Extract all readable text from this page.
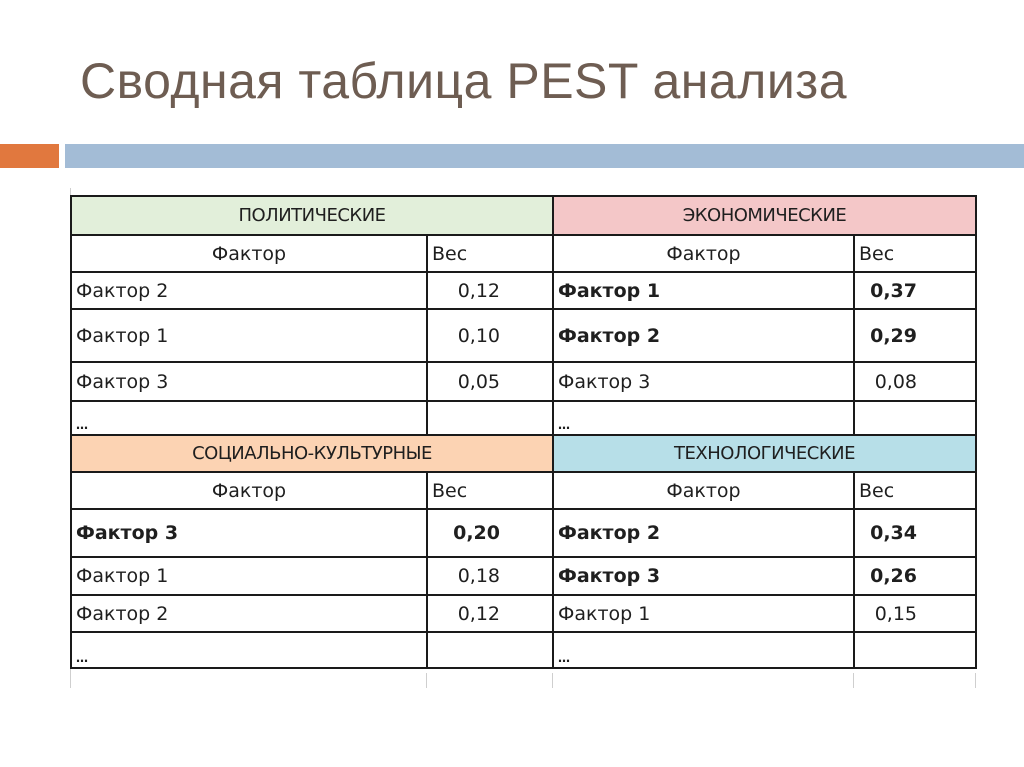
Сводная таблица PEST анализа
ПОЛИТИЧЕСКИЕ		ЭКОНОМИЧЕСКИЕ	
Фактор	Вес	Фактор	Вес
Фактор 2	0,12	Фактор 1	0,37
Фактор 1	0,10	Фактор 2	0,29
Фактор 3	0,05	Фактор 3	0,08
…		…	
СОЦИАЛЬНО-КУЛЬТУРНЫЕ		ТЕХНОЛОГИЧЕСКИЕ	
Фактор	Вес	Фактор	Вес
Фактор 3	0,20	Фактор 2	0,34
Фактор 1	0,18	Фактор 3	0,26
Фактор 2	0,12	Фактор 1	0,15
…		…	
